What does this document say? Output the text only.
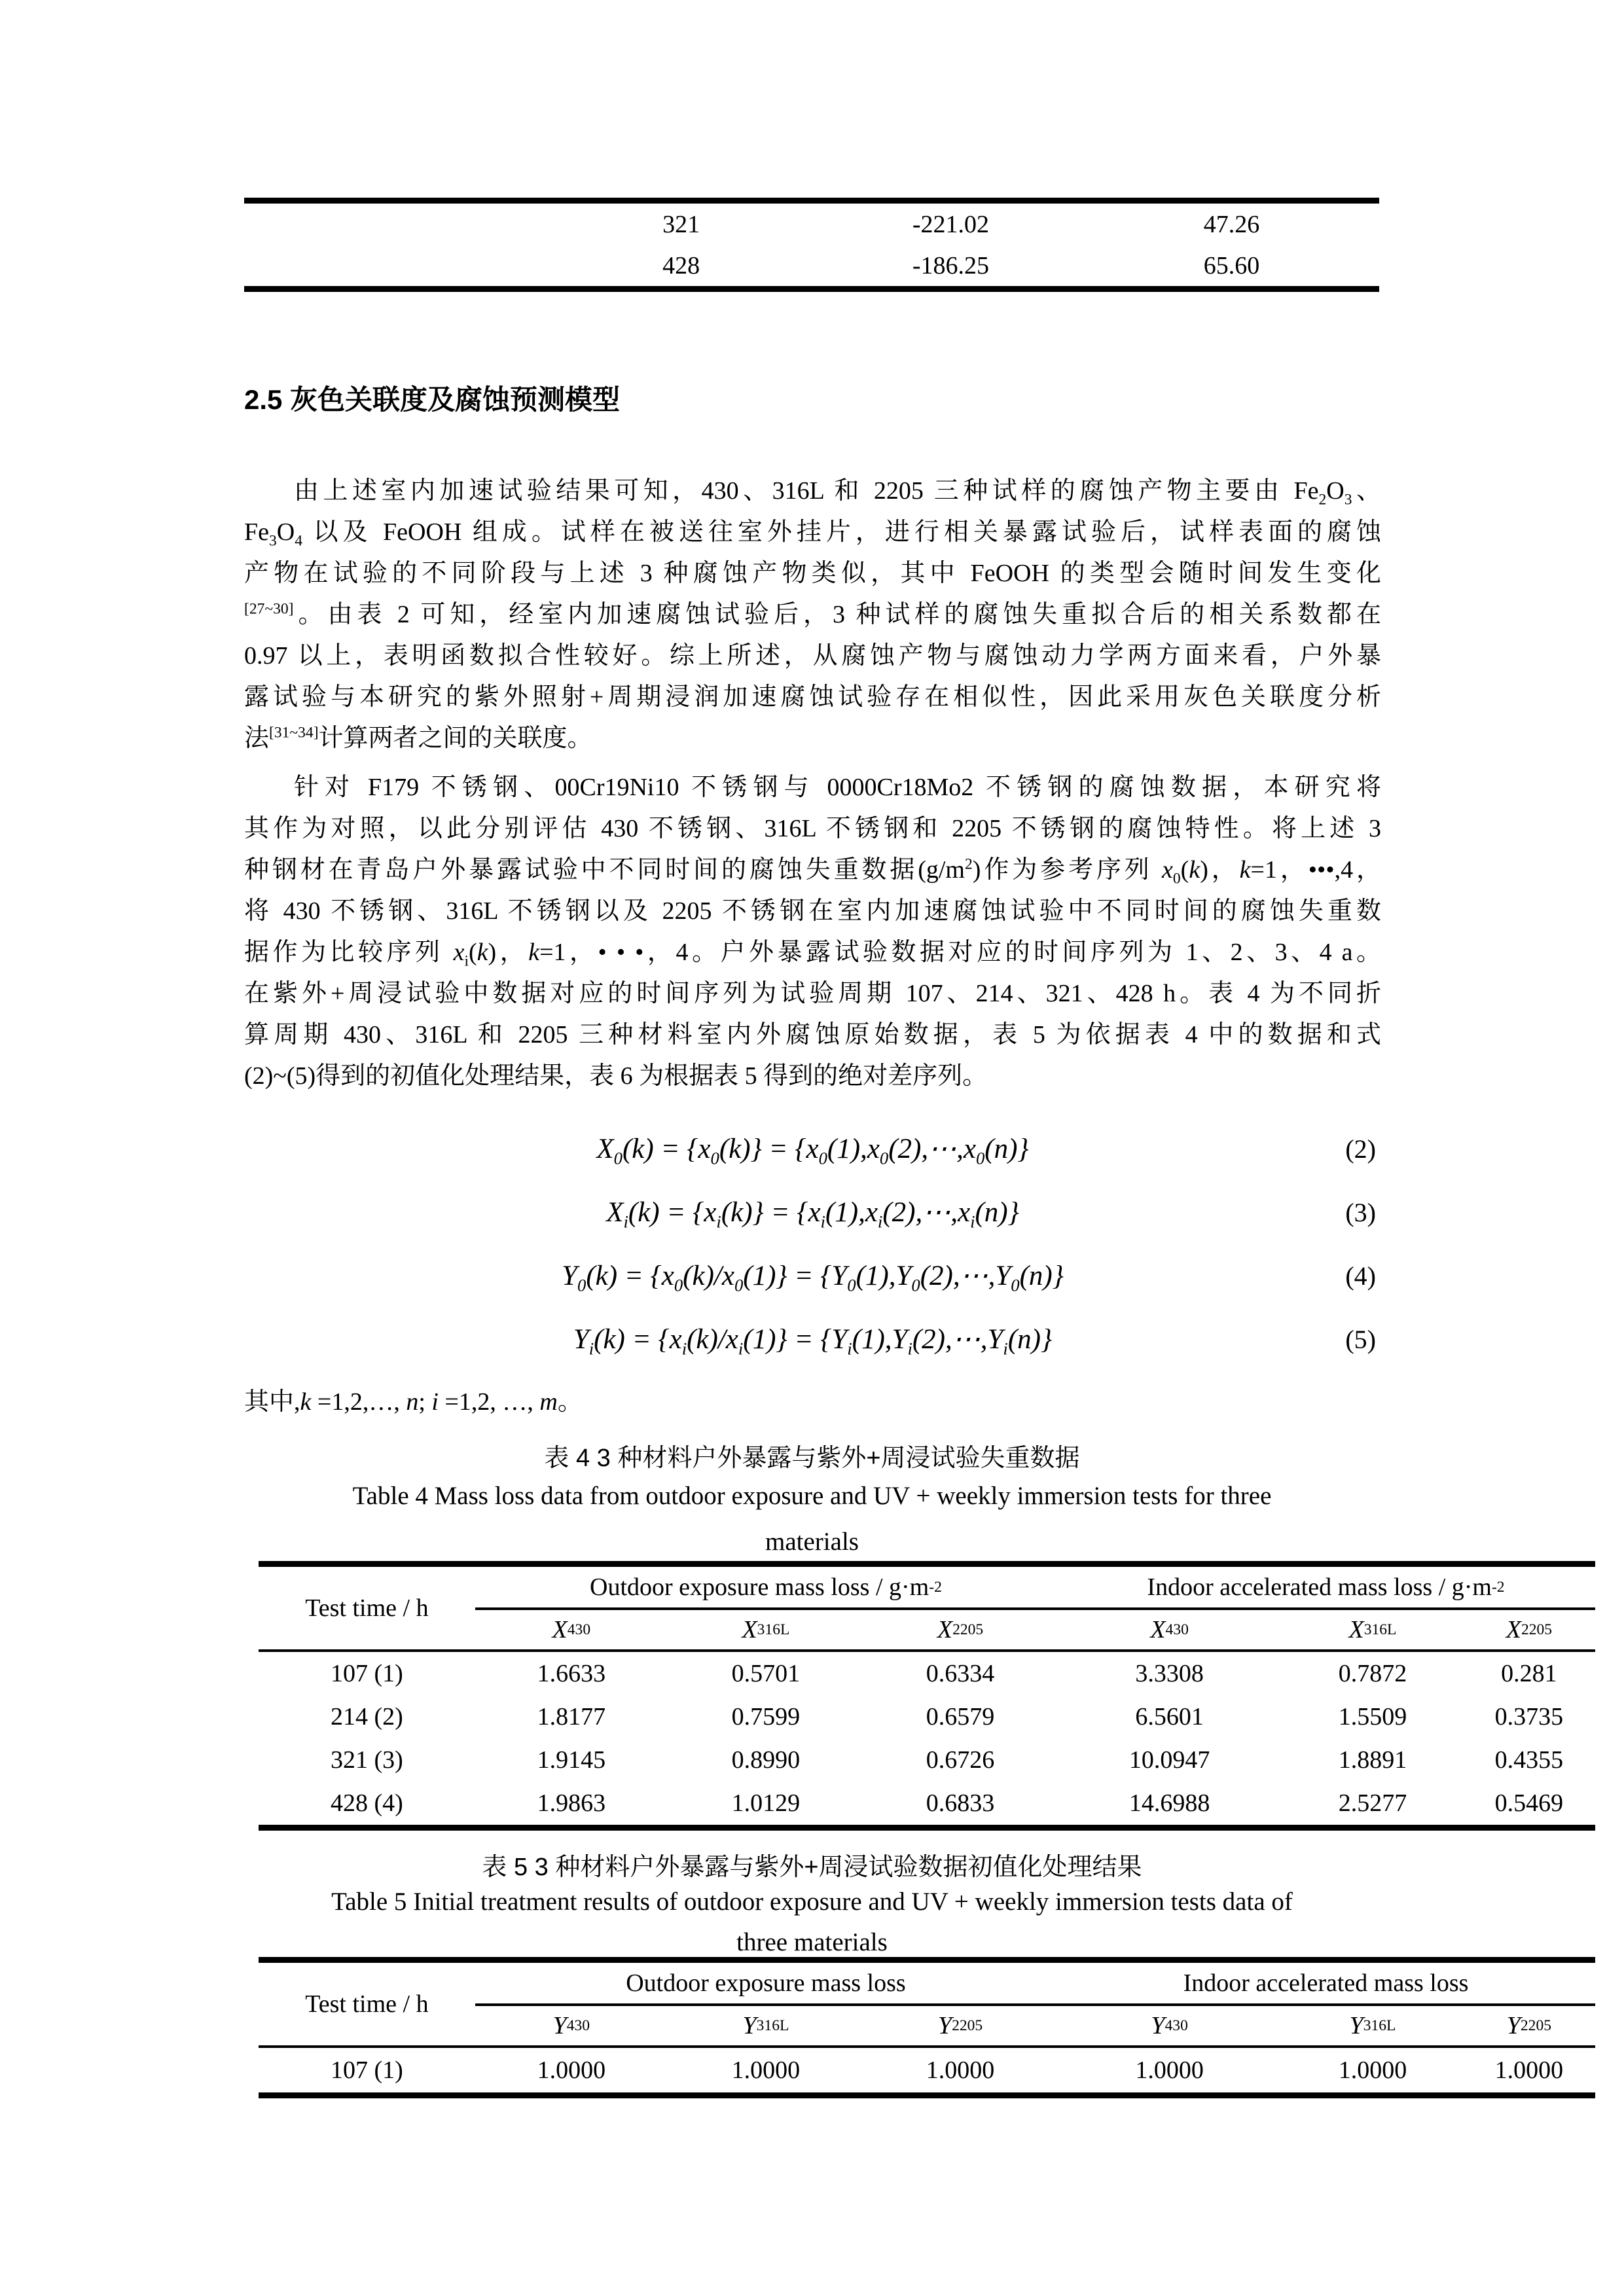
321	-221.02	47.26
428	-186.25	65.60
2.5 灰色关联度及腐蚀预测模型
由上述室内加速试验结果可知，430、316L 和 2205 三种试样的腐蚀产物主要由 $Fe_2O_3$、
$Fe_3O_4$ 以及 FeOOH 组成。试样在被送往室外挂片，进行相关暴露试验后，试样表面的腐蚀
产物在试验的不同阶段与上述 3 种腐蚀产物类似，其中 FeOOH 的类型会随时间发生变化
[27~30]。由表 2 可知，经室内加速腐蚀试验后，3 种试样的腐蚀失重拟合后的相关系数都在
0.97 以上，表明函数拟合性较好。综上所述，从腐蚀产物与腐蚀动力学两方面来看，户外暴
露试验与本研究的紫外照射+周期浸润加速腐蚀试验存在相似性，因此采用灰色关联度分析
法[31~34]计算两者之间的关联度。
针对 F179 不锈钢、00Cr19Ni10 不锈钢与 0000Cr18Mo2 不锈钢的腐蚀数据，本研究将
其作为对照，以此分别评估 430 不锈钢、316L 不锈钢和 2205 不锈钢的腐蚀特性。将上述 3
种钢材在青岛户外暴露试验中不同时间的腐蚀失重数据$(g/m^2)$作为参考序列 $x_0(k)$，k=1，•••,4，
将 430 不锈钢、316L 不锈钢以及 2205 不锈钢在室内加速腐蚀试验中不同时间的腐蚀失重数
据作为比较序列 $x_i(k)$，k=1，• • •，4。户外暴露试验数据对应的时间序列为 1、2、3、4 a。
在紫外+周浸试验中数据对应的时间序列为试验周期 107、214、321、428 h。表 4 为不同折
算周期 430、316L 和 2205 三种材料室内外腐蚀原始数据，表 5 为依据表 4 中的数据和式
(2)~(5)得到的初值化处理结果，表 6 为根据表 5 得到的绝对差序列。
$X_0(k) = \{x_0(k)\}$ = $\{x_0(1),x_0(2),\cdots,x_0(n)\}$	(2)
$X_i(k) = \{x_i(k)\}$ = $\{x_i(1),x_i(2),\cdots,x_i(n)\}$	(3)
$Y_0(k) = \{x_0(k)/x_0(1)\}$ = $\{Y_0(1),Y_0(2),\cdots,Y_0(n)\}$	(4)
$Y_i(k) = \{x_i(k)/x_i(1)\}$ = $\{Y_i(1),Y_i(2),\cdots,Y_i(n)\}$	(5)
其中,k =1,2,…, n; i =1,2, …, m。
表 4 3 种材料户外暴露与紫外+周浸试验失重数据
Table 4 Mass loss data from outdoor exposure and UV + weekly immersion tests for three
materials
Test time / h
Outdoor exposure mass loss / g·m -2	Indoor accelerated mass loss / g·m -2
X 430	X 316L	X 2205	X 430	X 316L	X 2205
107 (1)	1.6633	0.5701	0.6334	3.3308	0.7872	0.281
214 (2)	1.8177	0.7599	0.6579	6.5601	1.5509	0.3735
321 (3)	1.9145	0.8990	0.6726	10.0947	1.8891	0.4355
428 (4)	1.9863	1.0129	0.6833	14.6988	2.5277	0.5469
表 5 3 种材料户外暴露与紫外+周浸试验数据初值化处理结果
Table 5 Initial treatment results of outdoor exposure and UV + weekly immersion tests data of
three materials
Test time / h
Outdoor exposure mass loss	Indoor accelerated mass loss
Y 430	Y 316L	Y 2205	Y 430	Y 316L	Y 2205
107 (1)	1.0000	1.0000	1.0000	1.0000	1.0000	1.0000
